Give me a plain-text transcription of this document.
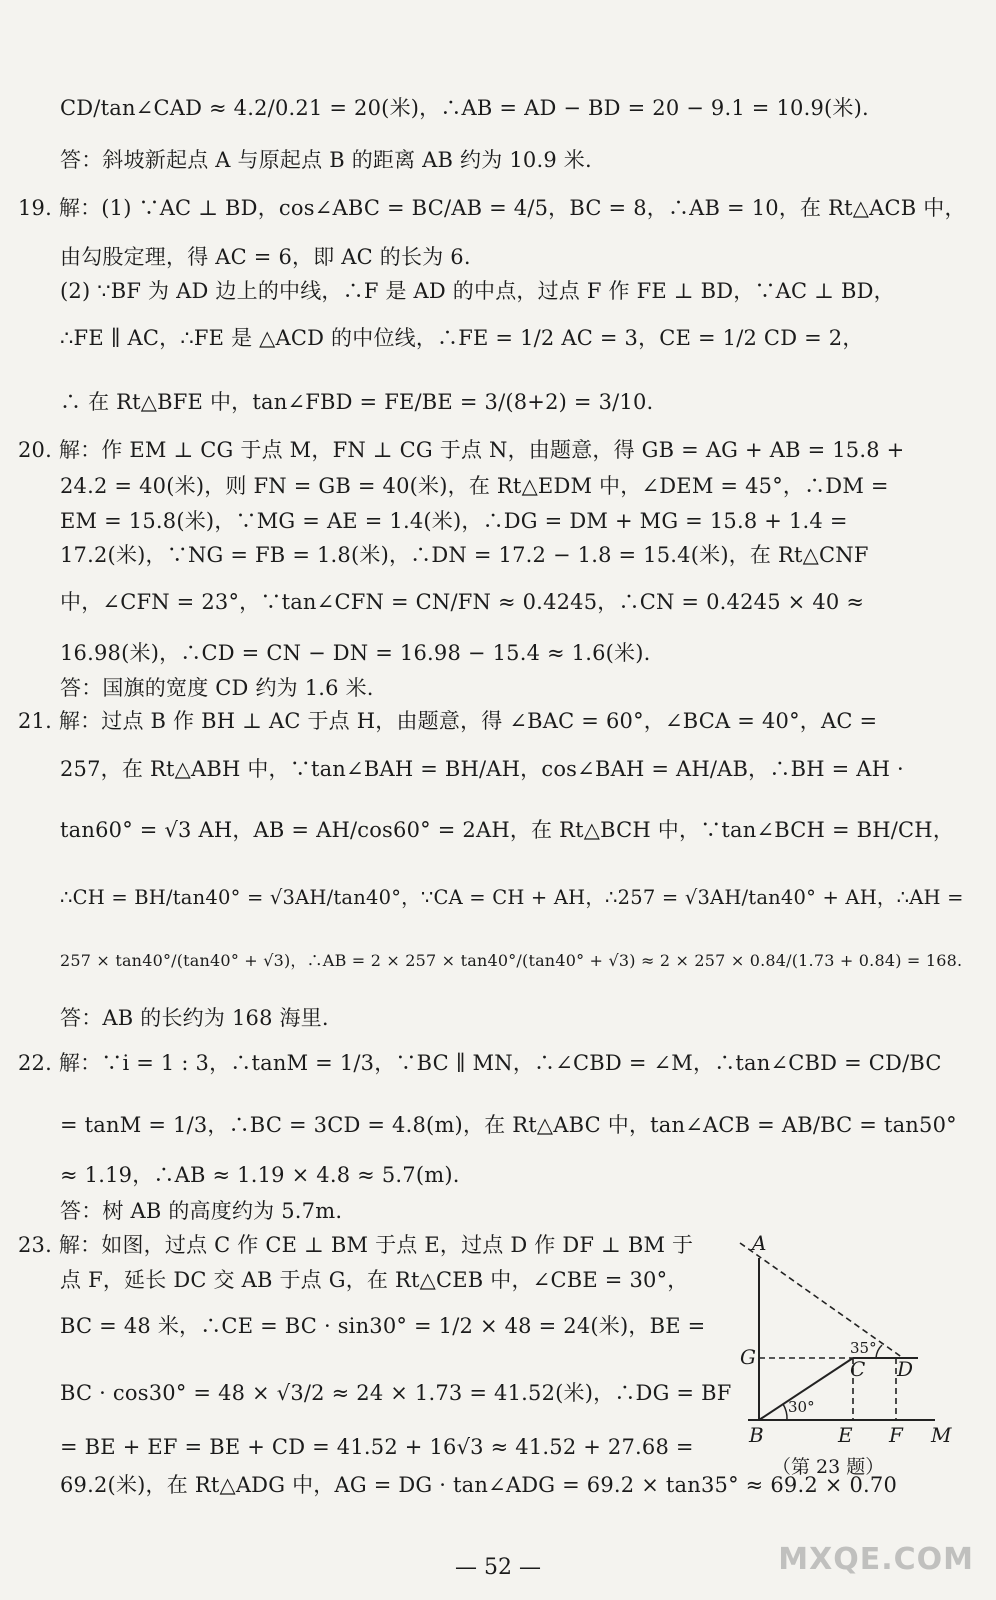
CD/tan∠CAD ≈ 4.2/0.21 = 20(米)，∴AB = AD − BD = 20 − 9.1 = 10.9(米).
答：斜坡新起点 A 与原起点 B 的距离 AB 约为 10.9 米.
19. 解：(1) ∵AC ⊥ BD，cos∠ABC = BC/AB = 4/5，BC = 8，∴AB = 10，在 Rt△ACB 中，
由勾股定理，得 AC = 6，即 AC 的长为 6.
(2) ∵BF 为 AD 边上的中线，∴F 是 AD 的中点，过点 F 作 FE ⊥ BD，∵AC ⊥ BD，
∴FE ∥ AC，∴FE 是 △ACD 的中位线，∴FE = 1/2 AC = 3，CE = 1/2 CD = 2，
∴ 在 Rt△BFE 中，tan∠FBD = FE/BE = 3/(8+2) = 3/10.
20. 解：作 EM ⊥ CG 于点 M，FN ⊥ CG 于点 N，由题意，得 GB = AG + AB = 15.8 +
24.2 = 40(米)，则 FN = GB = 40(米)，在 Rt△EDM 中，∠DEM = 45°，∴DM =
EM = 15.8(米)，∵MG = AE = 1.4(米)，∴DG = DM + MG = 15.8 + 1.4 =
17.2(米)，∵NG = FB = 1.8(米)，∴DN = 17.2 − 1.8 = 15.4(米)，在 Rt△CNF
中，∠CFN = 23°，∵tan∠CFN = CN/FN ≈ 0.4245，∴CN = 0.4245 × 40 ≈
16.98(米)，∴CD = CN − DN = 16.98 − 15.4 ≈ 1.6(米).
答：国旗的宽度 CD 约为 1.6 米.
21. 解：过点 B 作 BH ⊥ AC 于点 H，由题意，得 ∠BAC = 60°，∠BCA = 40°，AC =
257，在 Rt△ABH 中，∵tan∠BAH = BH/AH，cos∠BAH = AH/AB，∴BH = AH ·
tan60° = √3 AH，AB = AH/cos60° = 2AH，在 Rt△BCH 中，∵tan∠BCH = BH/CH，
∴CH = BH/tan40° = √3AH/tan40°，∵CA = CH + AH，∴257 = √3AH/tan40° + AH，∴AH =
257 × tan40°/(tan40° + √3)，∴AB = 2 × 257 × tan40°/(tan40° + √3) ≈ 2 × 257 × 0.84/(1.73 + 0.84) = 168.
答：AB 的长约为 168 海里.
22. 解：∵i = 1 : 3，∴tanM = 1/3，∵BC ∥ MN，∴∠CBD = ∠M，∴tan∠CBD = CD/BC
= tanM = 1/3，∴BC = 3CD = 4.8(m)，在 Rt△ABC 中，tan∠ACB = AB/BC = tan50°
≈ 1.19，∴AB ≈ 1.19 × 4.8 ≈ 5.7(m).
答：树 AB 的高度约为 5.7m.
23. 解：如图，过点 C 作 CE ⊥ BM 于点 E，过点 D 作 DF ⊥ BM 于
点 F，延长 DC 交 AB 于点 G，在 Rt△CEB 中，∠CBE = 30°，
BC = 48 米，∴CE = BC · sin30° = 1/2 × 48 = 24(米)，BE =
BC · cos30° = 48 × √3/2 ≈ 24 × 1.73 = 41.52(米)，∴DG = BF
= BE + EF = BE + CD = 41.52 + 16√3 ≈ 41.52 + 27.68 =
69.2(米)，在 Rt△ADG 中，AG = DG · tan∠ADG = 69.2 × tan35° ≈ 69.2 × 0.70
A
G	C D
B	E F M
35°
30°
（第 23 题）
— 52 —	MXQE.COM
